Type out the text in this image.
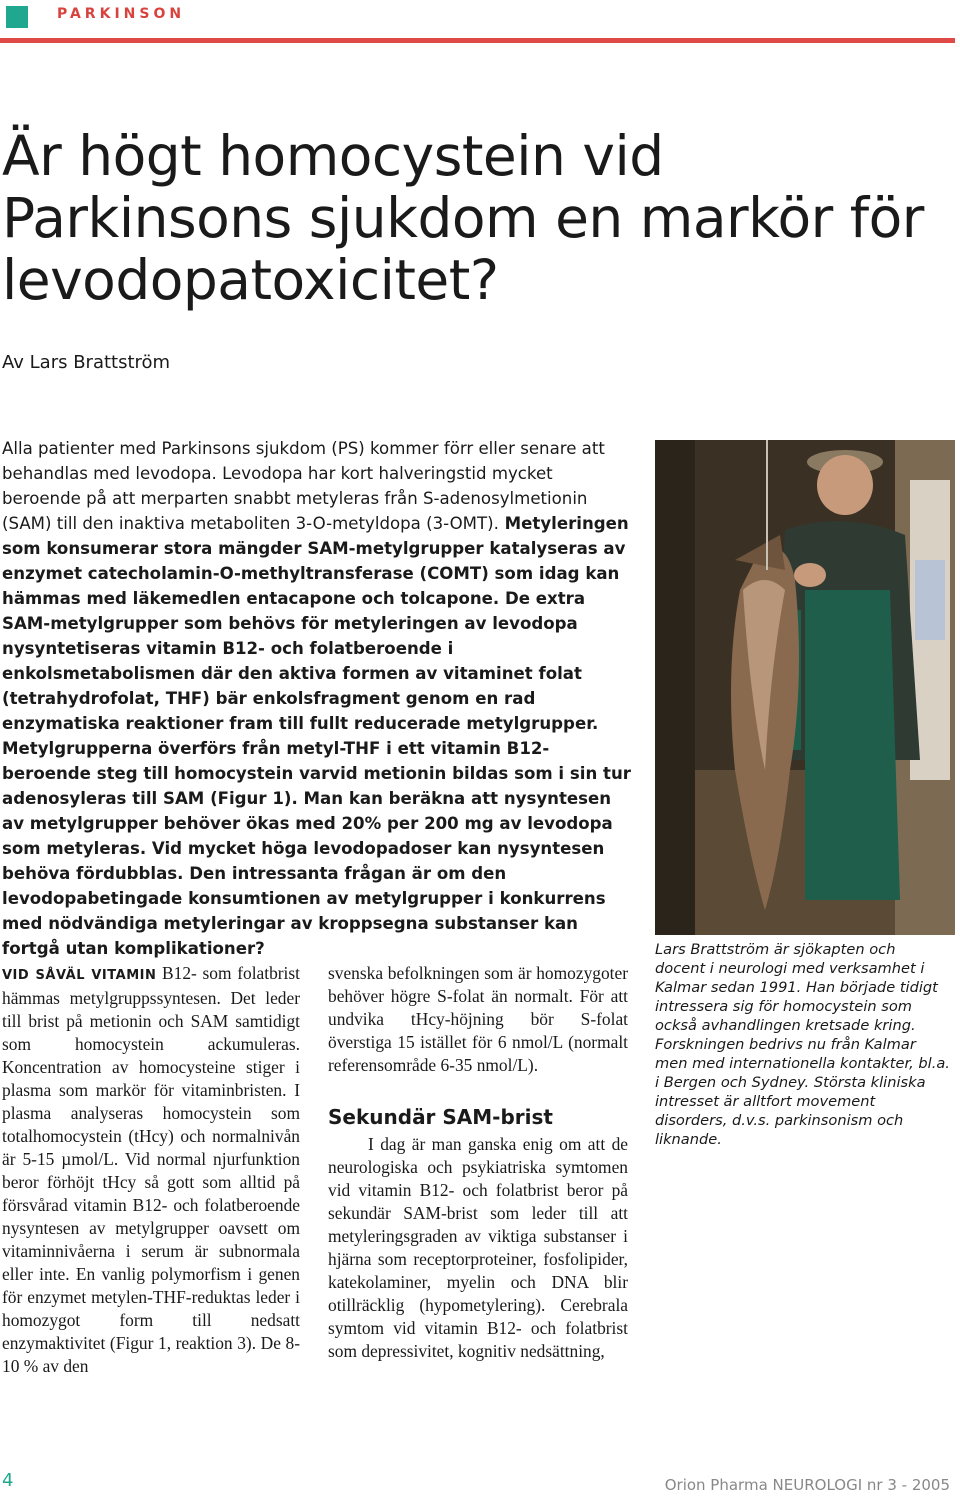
PARKINSON
Är högt homocystein vid Parkinsons sjukdom en markör för levodopatoxicitet?
Av Lars Brattström

Alla patienter med Parkinsons sjukdom (PS) kommer förr eller senare att behandlas med levodopa. Levodopa har kort halveringstid mycket beroende på att merparten snabbt metyleras från S-adenosylmetionin (SAM) till den inaktiva metaboliten 3-O-metyldopa (3-OMT). Metyleringen som konsumerar stora mängder SAM-metylgrupper katalyseras av enzymet catecholamin-O-methyltransferase (COMT) som idag kan hämmas med läkemedlen entacapone och tolcapone. De extra SAM-metylgrupper som behövs för metyleringen av levodopa nysyntetiseras vitamin B12- och folatberoende i enkolsmetabolismen där den aktiva formen av vitaminet folat (tetrahydrofolat, THF) bär enkolsfragment genom en rad enzymatiska reaktioner fram till fullt reducerade metylgrupper. Metylgrupperna överförs från metyl-THF i ett vitamin B12-beroende steg till homocystein varvid metionin bildas som i sin tur adenosyleras till SAM (Figur 1). Man kan beräkna att nysyntesen av metylgrupper behöver ökas med 20% per 200 mg av levodopa som metyleras. Vid mycket höga levodopadoser kan nysyntesen behöva fördubblas. Den intressanta frågan är om den levodopabetingade konsumtionen av metylgrupper i konkurrens med nödvändiga metyleringar av kroppsegna substanser kan fortgå utan komplikationer?	Lars Brattström är sjökapten och docent i neurologi med verksamhet i Kalmar sedan 1991. Han började tidigt intressera sig för homocystein som också avhandlingen kretsade kring. Forskningen bedrivs nu från Kalmar men med internationella kontakter, bl.a. i Bergen och Sydney. Största kliniska intresset är alltfort movement disorders, d.v.s. parkinsonism och liknande.

VID SÅVÄL VITAMIN B12- som folatbrist hämmas metylgruppssyntesen. Det leder till brist på metionin och SAM samtidigt som homocystein ackumuleras. Koncentration av homocysteine stiger i plasma som markör för vitaminbristen. I plasma analyseras homocystein som totalhomocystein (tHcy) och normalnivån är 5-15 µmol/L. Vid normal njurfunktion beror förhöjt tHcy så gott som alltid på försvårad vitamin B12- och folatberoende nysyntesen av metylgrupper oavsett om vitaminnivåerna i serum är subnormala eller inte. En vanlig polymorfism i genen för enzymet metylen-THF-reduktas leder i homozygot form till nedsatt enzymaktivitet (Figur 1, reaktion 3). De 8-10 % av den

svenska befolkningen som är homozygoter behöver högre S-folat än normalt. För att undvika tHcy-höjning bör S-folat överstiga 15 istället för 6 nmol/L (normalt referensområde 6-35 nmol/L).

Sekundär SAM-brist

I dag är man ganska enig om att de neurologiska och psykiatriska symtomen vid vitamin B12- och folatbrist beror på sekundär SAM-brist som leder till att metyleringsgraden av viktiga substanser i hjärna som receptorproteiner, fosfolipider, katekolaminer, myelin och DNA blir otillräcklig (hypometylering). Cerebrala symtom vid vitamin B12- och folatbrist som depressivitet, kognitiv nedsättning,

4	Orion Pharma NEUROLOGI nr 3 - 2005
